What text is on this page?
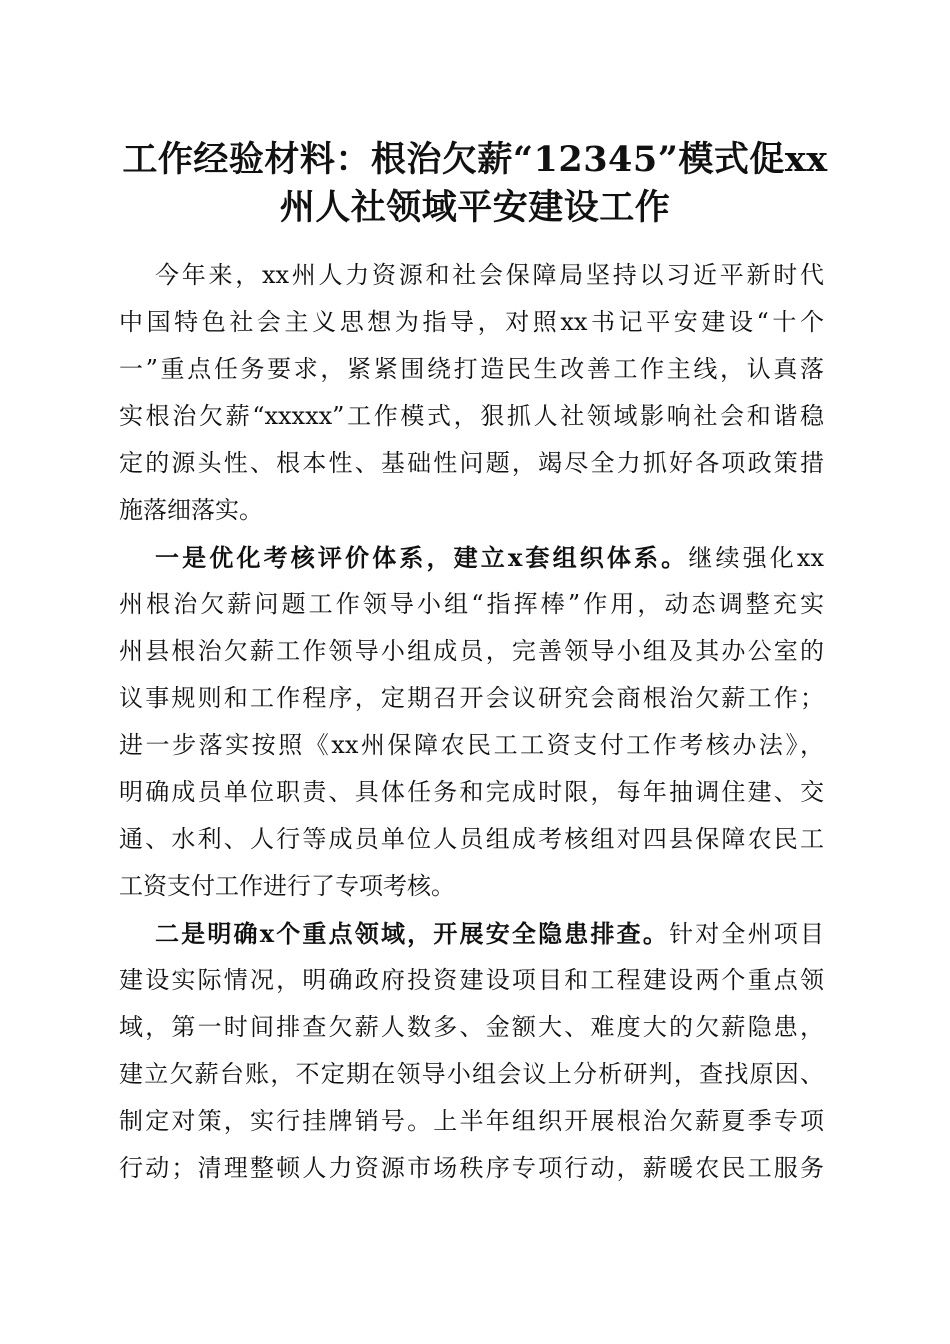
工作经验材料：根治欠薪“12345”模式促xx
州人社领域平安建设工作
今年来，xx州人力资源和社会保障局坚持以习近平新时代
中国特色社会主义思想为指导，对照xx书记平安建设“十个
一”重点任务要求，紧紧围绕打造民生改善工作主线，认真落
实根治欠薪“xxxxx”工作模式，狠抓人社领域影响社会和谐稳
定的源头性、根本性、基础性问题，竭尽全力抓好各项政策措
施落细落实。
一是优化考核评价体系，建立x套组织体系。继续强化xx
州根治欠薪问题工作领导小组“指挥棒”作用，动态调整充实
州县根治欠薪工作领导小组成员，完善领导小组及其办公室的
议事规则和工作程序，定期召开会议研究会商根治欠薪工作；
进一步落实按照《xx州保障农民工工资支付工作考核办法》，
明确成员单位职责、具体任务和完成时限，每年抽调住建、交
通、水利、人行等成员单位人员组成考核组对四县保障农民工
工资支付工作进行了专项考核。
二是明确x个重点领域，开展安全隐患排查。针对全州项目
建设实际情况，明确政府投资建设项目和工程建设两个重点领
域，第一时间排查欠薪人数多、金额大、难度大的欠薪隐患，
建立欠薪台账，不定期在领导小组会议上分析研判，查找原因、
制定对策，实行挂牌销号。上半年组织开展根治欠薪夏季专项
行动；清理整顿人力资源市场秩序专项行动，薪暖农民工服务
